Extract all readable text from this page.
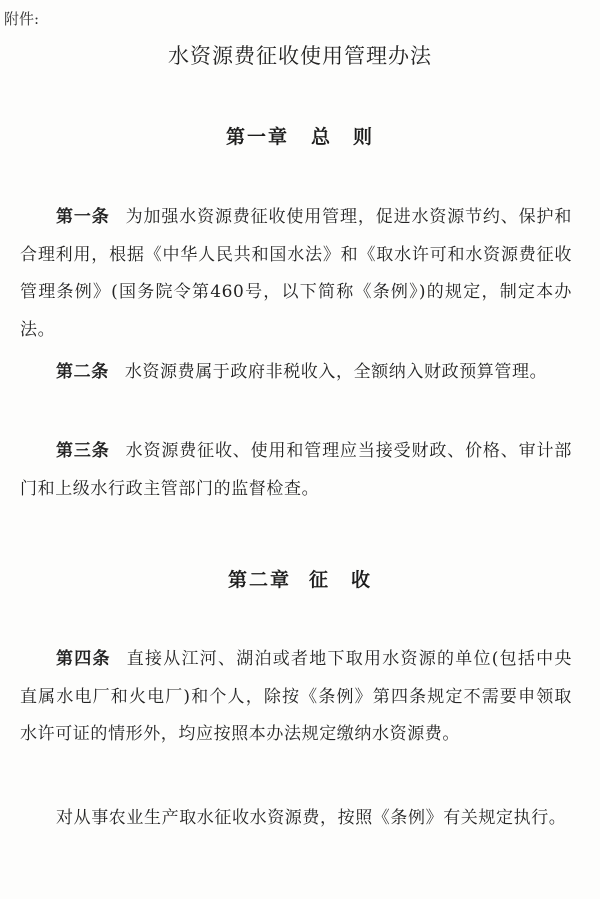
附件:
水资源费征收使用管理办法
第一章 总　则
第一条 为加强水资源费征收使用管理，促进水资源节约、保护和合理利用，根据《中华人民共和国水法》和《取水许可和水资源费征收管理条例》(国务院令第460号，以下简称《条例》)的规定，制定本办法。
第二条 水资源费属于政府非税收入，全额纳入财政预算管理。
第三条 水资源费征收、使用和管理应当接受财政、价格、审计部门和上级水行政主管部门的监督检查。
第二章 征　收
第四条 直接从江河、湖泊或者地下取用水资源的单位(包括中央直属水电厂和火电厂)和个人，除按《条例》第四条规定不需要申领取水许可证的情形外，均应按照本办法规定缴纳水资源费。
对从事农业生产取水征收水资源费，按照《条例》有关规定执行。
